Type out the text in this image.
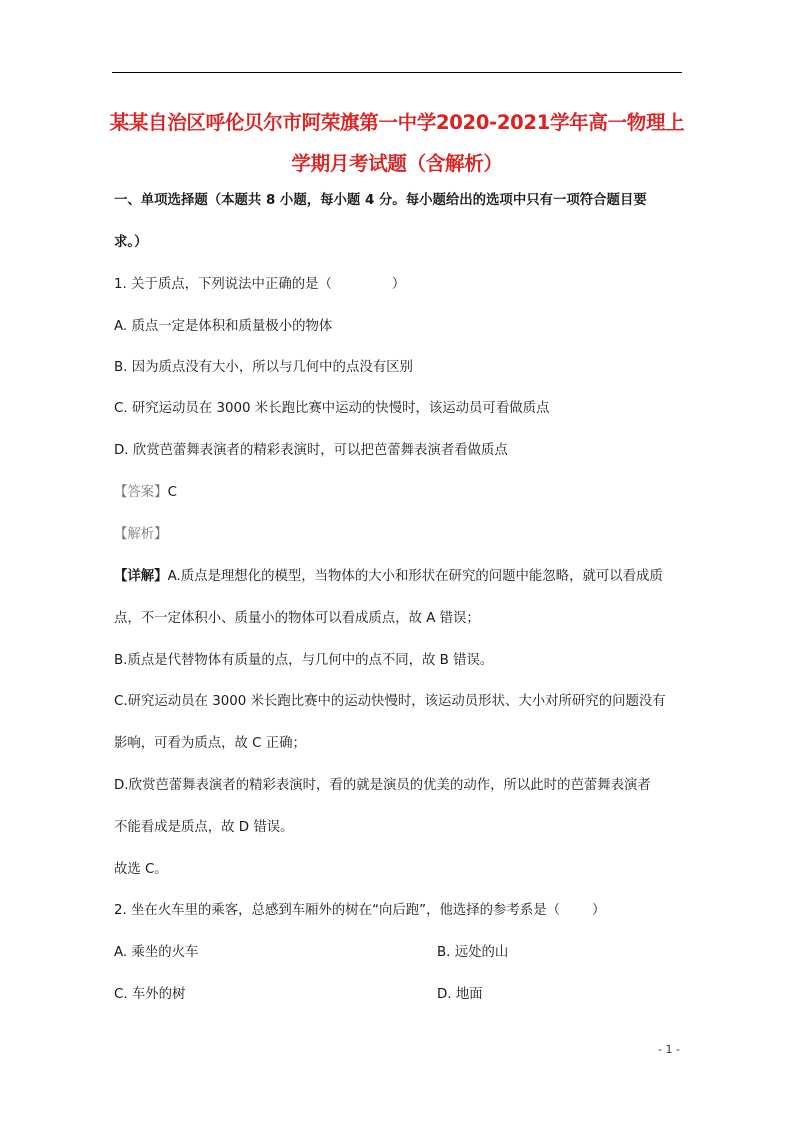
某某自治区呼伦贝尔市阿荣旗第一中学2020-2021学年高一物理上
学期月考试题（含解析）
一、单项选择题（本题共 8 小题，每小题 4 分。每小题给出的选项中只有一项符合题目要
求。）
1. 关于质点，下列说法中正确的是（	）
A. 质点一定是体积和质量极小的物体
B. 因为质点没有大小，所以与几何中的点没有区别
C. 研究运动员在 3000 米长跑比赛中运动的快慢时，该运动员可看做质点
D. 欣赏芭蕾舞表演者的精彩表演时，可以把芭蕾舞表演者看做质点
【答案】C
【解析】
【详解】A.质点是理想化的模型，当物体的大小和形状在研究的问题中能忽略，就可以看成质
点，不一定体积小、质量小的物体可以看成质点，故 A 错误；
B.质点是代替物体有质量的点，与几何中的点不同，故 B 错误。
C.研究运动员在 3000 米长跑比赛中的运动快慢时，该运动员形状、大小对所研究的问题没有
影响，可看为质点，故 C 正确；
D.欣赏芭蕾舞表演者的精彩表演时，看的就是演员的优美的动作，所以此时的芭蕾舞表演者
不能看成是质点，故 D 错误。
故选 C。
2. 坐在火车里的乘客，总感到车厢外的树在“向后跑”，他选择的参考系是（ ）
A. 乘坐的火车	B. 远处的山
C. 车外的树	D. 地面
- 1 -
